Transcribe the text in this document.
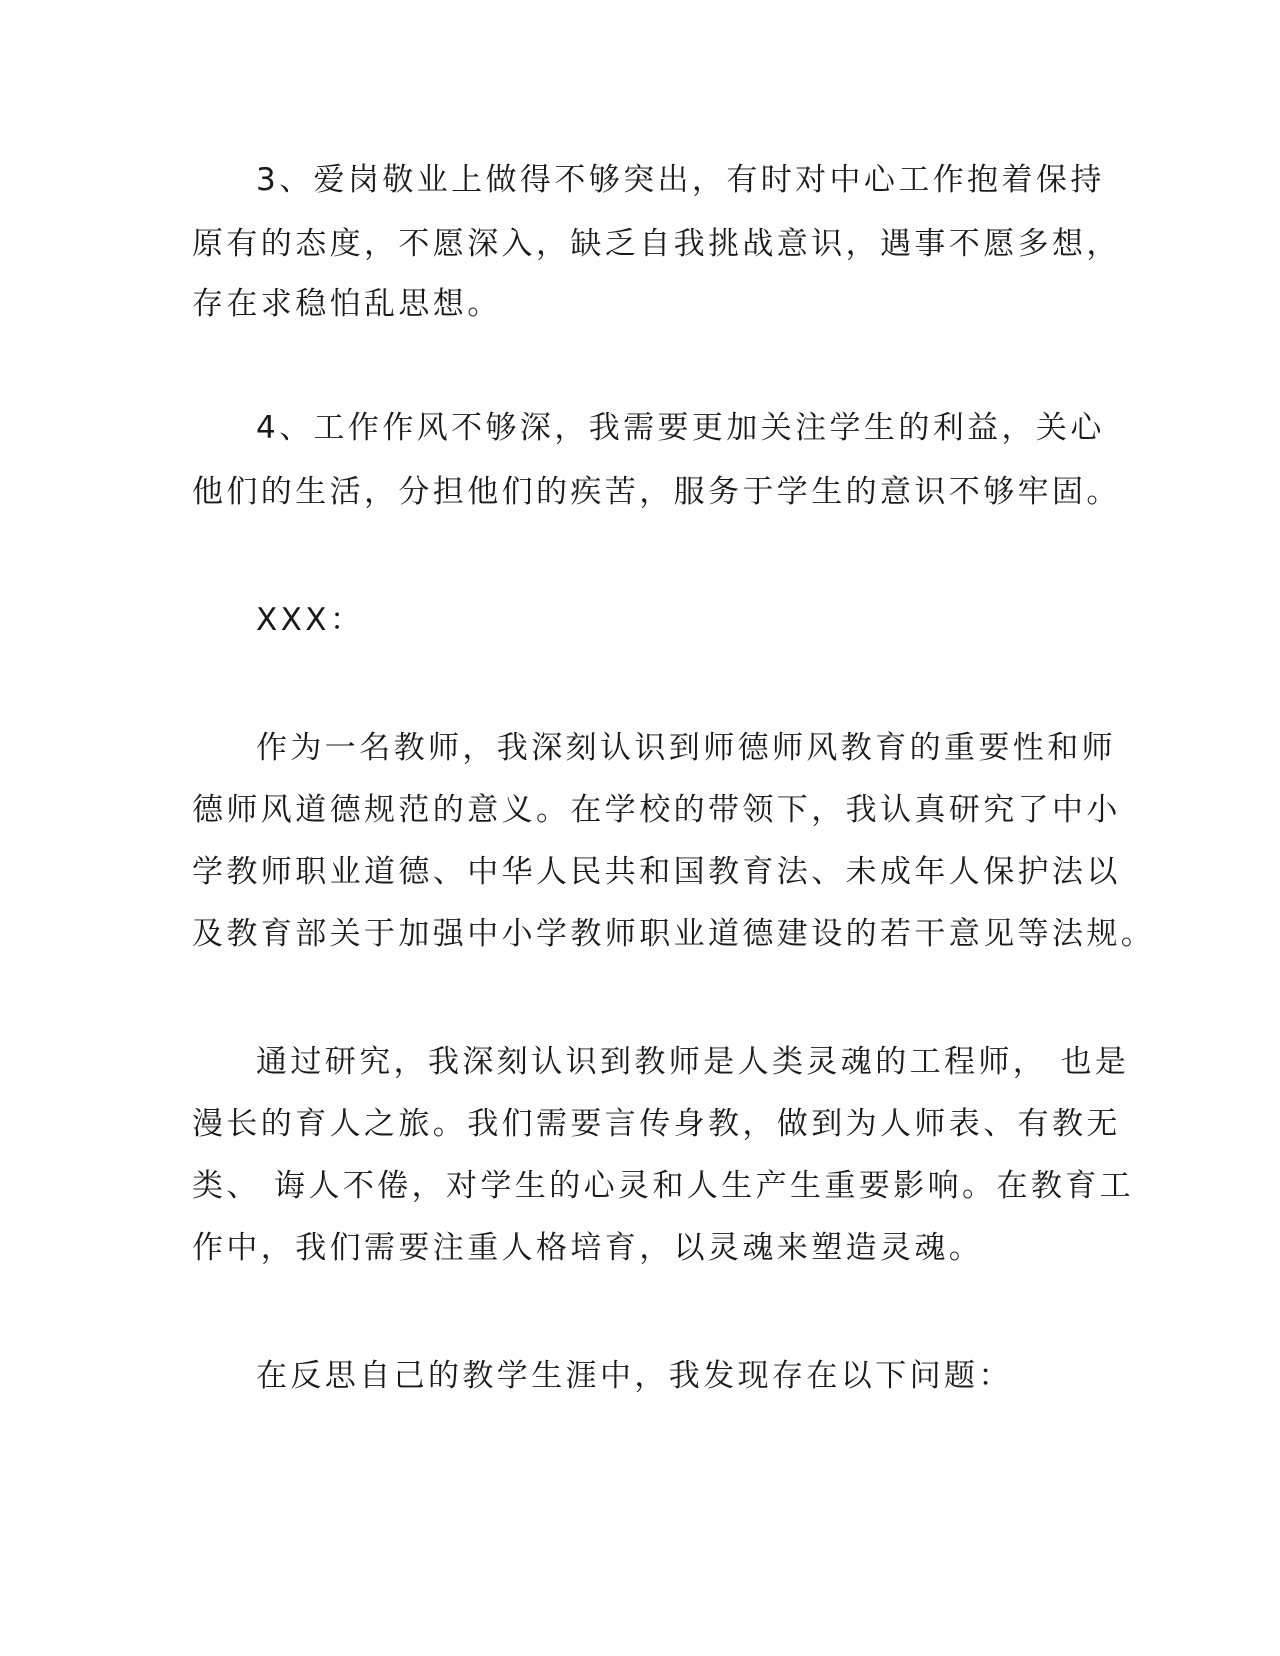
3、爱岗敬业上做得不够突出，有时对中心工作抱着保持

原有的态度，不愿深入，缺乏自我挑战意识，遇事不愿多想，

存在求稳怕乱思想。

4、工作作风不够深，我需要更加关注学生的利益，关心

他们的生活，分担他们的疾苦，服务于学生的意识不够牢固。

XXX：

作为一名教师，我深刻认识到师德师风教育的重要性和师

德师风道德规范的意义。在学校的带领下，我认真研究了中小

学教师职业道德、中华人民共和国教育法、未成年人保护法以

及教育部关于加强中小学教师职业道德建设的若干意见等法规。

通过研究，我深刻认识到教师是人类灵魂的工程师， 也是

漫长的育人之旅。我们需要言传身教，做到为人师表、有教无

类、 诲人不倦，对学生的心灵和人生产生重要影响。在教育工

作中，我们需要注重人格培育，以灵魂来塑造灵魂。

在反思自己的教学生涯中，我发现存在以下问题：
